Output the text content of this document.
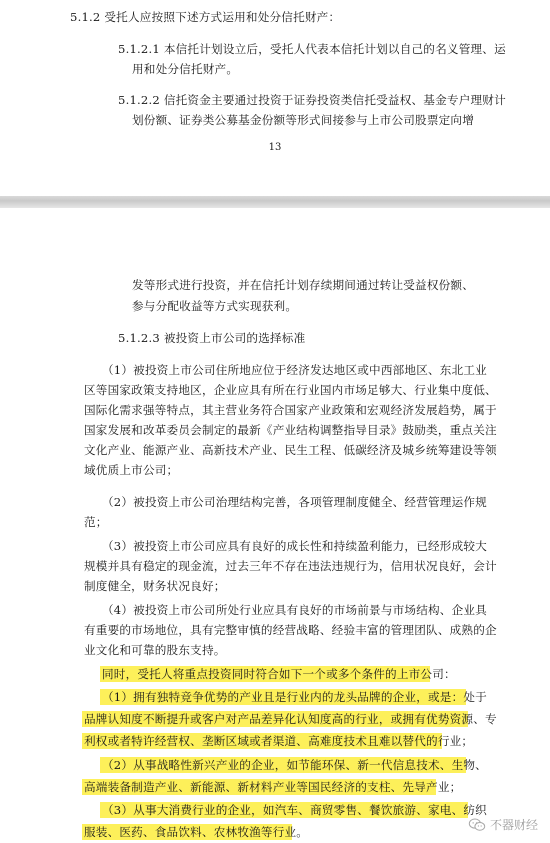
5.1.2 受托人应按照下述方式运用和处分信托财产：
5.1.2.1 本信托计划设立后，受托人代表本信托计划以自己的名义管理、运
用和处分信托财产。
5.1.2.2 信托资金主要通过投资于证券投资类信托受益权、基金专户理财计
划份额、证券类公募基金份额等形式间接参与上市公司股票定向增
13
发等形式进行投资，并在信托计划存续期间通过转让受益权份额、
参与分配收益等方式实现获利。
5.1.2.3 被投资上市公司的选择标准
（1）被投资上市公司住所地应位于经济发达地区或中西部地区、东北工业
区等国家政策支持地区，企业应具有所在行业国内市场足够大、行业集中度低、
国际化需求强等特点，其主营业务符合国家产业政策和宏观经济发展趋势，属于
国家发展和改革委员会制定的最新《产业结构调整指导目录》鼓励类，重点关注
文化产业、能源产业、高新技术产业、民生工程、低碳经济及城乡统筹建设等领
域优质上市公司；
（2）被投资上市公司治理结构完善，各项管理制度健全、经营管理运作规
范；
（3）被投资上市公司应具有良好的成长性和持续盈利能力，已经形成较大
规模并具有稳定的现金流，过去三年不存在违法违规行为，信用状况良好，会计
制度健全，财务状况良好；
（4）被投资上市公司所处行业应具有良好的市场前景与市场结构、企业具
有重要的市场地位，具有完整审慎的经营战略、经验丰富的管理团队、成熟的企
业文化和可靠的股东支持。
同时，受托人将重点投资同时符合如下一个或多个条件的上市公司：
（1）拥有独特竞争优势的产业且是行业内的龙头品牌的企业，或是：处于
品牌认知度不断提升或客户对产品差异化认知度高的行业，或拥有优势资源、专
利权或者特许经营权、垄断区域或者渠道、高难度技术且难以替代的行业；
（2）从事战略性新兴产业的企业，如节能环保、新一代信息技术、生物、
高端装备制造产业、新能源、新材料产业等国民经济的支柱、先导产业；
（3）从事大消费行业的企业，如汽车、商贸零售、餐饮旅游、家电、纺织
服装、医药、食品饮料、农林牧渔等行业。	不器财经
